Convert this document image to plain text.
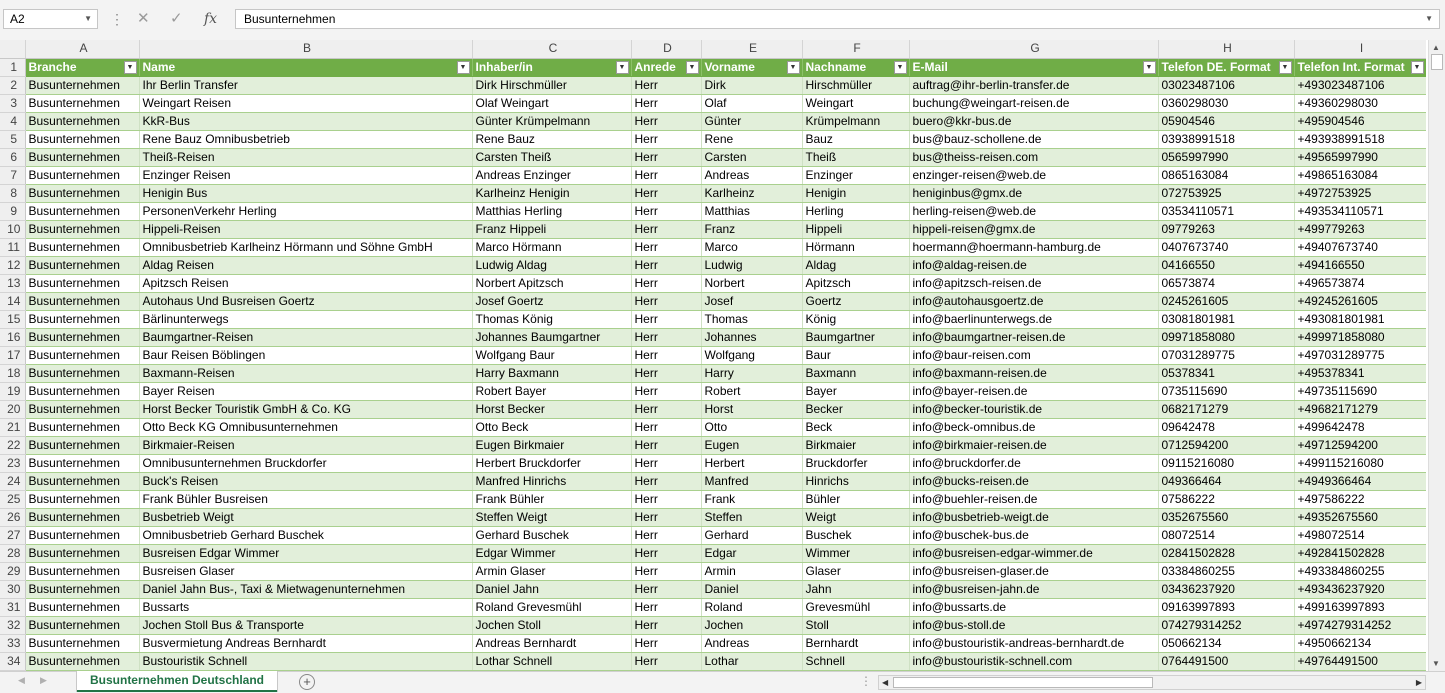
A2	▼ ⋮ ✕ ✓ fx	Busunternehmen	▼
	A	B	C	D	E	F	G	H	I
1	Branche ▼	Name ▼	Inhaber/in ▼	Anrede ▼	Vorname ▼	Nachname ▼	E-Mail ▼	Telefon DE. Format ▼	Telefon Int. Format ▼

2	Busunternehmen	Ihr Berlin Transfer	Dirk Hirschmüller	Herr	Dirk	Hirschmüller	auftrag@ihr-berlin-transfer.de	03023487106	+493023487106
3	Busunternehmen	Weingart Reisen	Olaf Weingart	Herr	Olaf	Weingart	buchung@weingart-reisen.de	0360298030	+49360298030
4	Busunternehmen	KkR-Bus	Günter Krümpelmann	Herr	Günter	Krümpelmann	buero@kkr-bus.de	05904546	+495904546
5	Busunternehmen	Rene Bauz Omnibusbetrieb	Rene Bauz	Herr	Rene	Bauz	bus@bauz-schollene.de	03938991518	+493938991518
6	Busunternehmen	Theiß-Reisen	Carsten Theiß	Herr	Carsten	Theiß	bus@theiss-reisen.com	0565997990	+49565997990
7	Busunternehmen	Enzinger Reisen	Andreas Enzinger	Herr	Andreas	Enzinger	enzinger-reisen@web.de	0865163084	+49865163084
8	Busunternehmen	Henigin Bus	Karlheinz Henigin	Herr	Karlheinz	Henigin	heniginbus@gmx.de	072753925	+4972753925
9	Busunternehmen	PersonenVerkehr Herling	Matthias Herling	Herr	Matthias	Herling	herling-reisen@web.de	03534110571	+493534110571
10	Busunternehmen	Hippeli-Reisen	Franz Hippeli	Herr	Franz	Hippeli	hippeli-reisen@gmx.de	09779263	+499779263
11	Busunternehmen	Omnibusbetrieb Karlheinz Hörmann und Söhne GmbH	Marco Hörmann	Herr	Marco	Hörmann	hoermann@hoermann-hamburg.de	0407673740	+49407673740
12	Busunternehmen	Aldag Reisen	Ludwig Aldag	Herr	Ludwig	Aldag	info@aldag-reisen.de	04166550	+494166550
13	Busunternehmen	Apitzsch Reisen	Norbert Apitzsch	Herr	Norbert	Apitzsch	info@apitzsch-reisen.de	06573874	+496573874
14	Busunternehmen	Autohaus Und Busreisen Goertz	Josef Goertz	Herr	Josef	Goertz	info@autohausgoertz.de	0245261605	+49245261605
15	Busunternehmen	Bärlinunterwegs	Thomas König	Herr	Thomas	König	info@baerlinunterwegs.de	03081801981	+493081801981
16	Busunternehmen	Baumgartner-Reisen	Johannes Baumgartner	Herr	Johannes	Baumgartner	info@baumgartner-reisen.de	09971858080	+499971858080
17	Busunternehmen	Baur Reisen Böblingen	Wolfgang Baur	Herr	Wolfgang	Baur	info@baur-reisen.com	07031289775	+497031289775
18	Busunternehmen	Baxmann-Reisen	Harry Baxmann	Herr	Harry	Baxmann	info@baxmann-reisen.de	05378341	+495378341
19	Busunternehmen	Bayer Reisen	Robert Bayer	Herr	Robert	Bayer	info@bayer-reisen.de	0735115690	+49735115690
20	Busunternehmen	Horst Becker Touristik GmbH & Co. KG	Horst Becker	Herr	Horst	Becker	info@becker-touristik.de	0682171279	+49682171279
21	Busunternehmen	Otto Beck KG Omnibusunternehmen	Otto Beck	Herr	Otto	Beck	info@beck-omnibus.de	09642478	+499642478
22	Busunternehmen	Birkmaier-Reisen	Eugen Birkmaier	Herr	Eugen	Birkmaier	info@birkmaier-reisen.de	0712594200	+49712594200
23	Busunternehmen	Omnibusunternehmen Bruckdorfer	Herbert Bruckdorfer	Herr	Herbert	Bruckdorfer	info@bruckdorfer.de	09115216080	+499115216080
24	Busunternehmen	Buck's Reisen	Manfred Hinrichs	Herr	Manfred	Hinrichs	info@bucks-reisen.de	049366464	+4949366464
25	Busunternehmen	Frank Bühler Busreisen	Frank Bühler	Herr	Frank	Bühler	info@buehler-reisen.de	07586222	+497586222
26	Busunternehmen	Busbetrieb Weigt	Steffen Weigt	Herr	Steffen	Weigt	info@busbetrieb-weigt.de	0352675560	+49352675560
27	Busunternehmen	Omnibusbetrieb Gerhard Buschek	Gerhard Buschek	Herr	Gerhard	Buschek	info@buschek-bus.de	08072514	+498072514
28	Busunternehmen	Busreisen Edgar Wimmer	Edgar Wimmer	Herr	Edgar	Wimmer	info@busreisen-edgar-wimmer.de	02841502828	+492841502828
29	Busunternehmen	Busreisen Glaser	Armin Glaser	Herr	Armin	Glaser	info@busreisen-glaser.de	03384860255	+493384860255
30	Busunternehmen	Daniel Jahn Bus-, Taxi & Mietwagenunternehmen	Daniel Jahn	Herr	Daniel	Jahn	info@busreisen-jahn.de	03436237920	+493436237920
31	Busunternehmen	Bussarts	Roland Grevesmühl	Herr	Roland	Grevesmühl	info@bussarts.de	09163997893	+499163997893
32	Busunternehmen	Jochen Stoll Bus & Transporte	Jochen Stoll	Herr	Jochen	Stoll	info@bus-stoll.de	074279314252	+4974279314252
33	Busunternehmen	Busvermietung Andreas Bernhardt	Andreas Bernhardt	Herr	Andreas	Bernhardt	info@bustouristik-andreas-bernhardt.de	050662134	+4950662134
34	Busunternehmen	Bustouristik Schnell	Lothar Schnell	Herr	Lothar	Schnell	info@bustouristik-schnell.com	0764491500	+49764491500
▲
▼
◀ ▶	Busunternehmen Deutschland	+	⋮ ◀	▶
